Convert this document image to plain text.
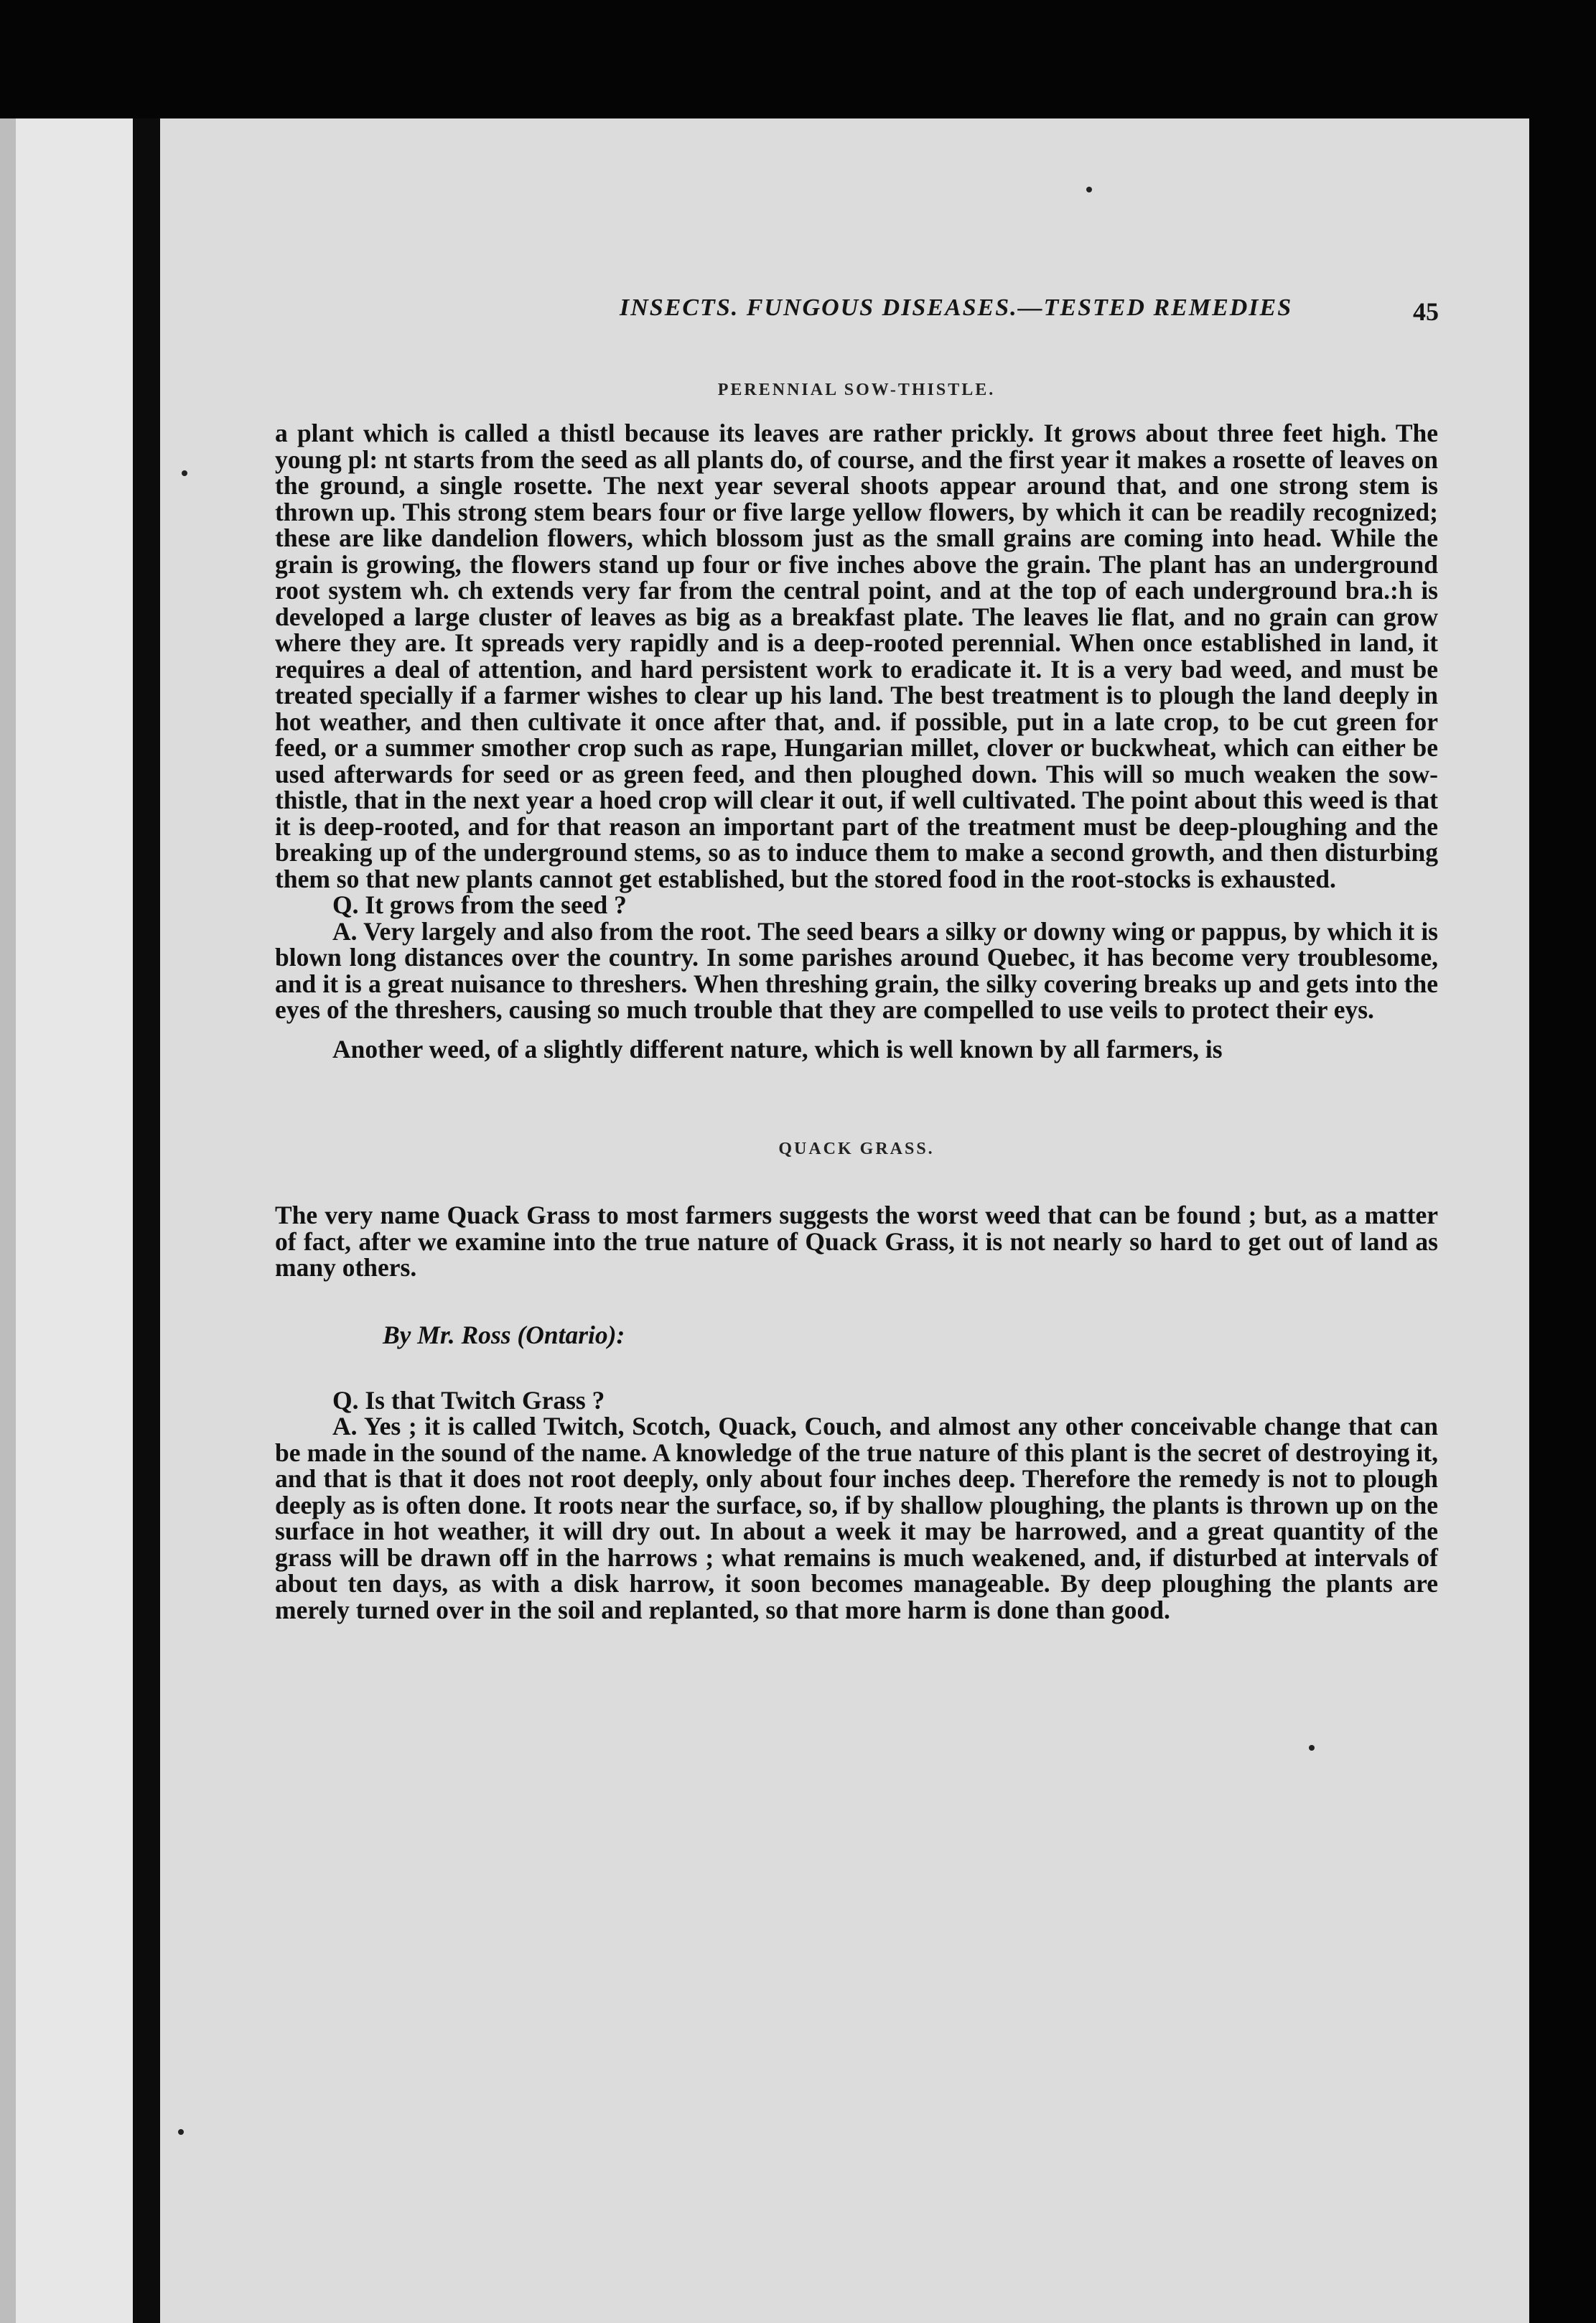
INSECTS. FUNGOUS DISEASES.—TESTED REMEDIES	45
PERENNIAL SOW-THISTLE.

a plant which is called a thistl because its leaves are rather prickly. It grows about three feet high. The young pl: nt starts from the seed as all plants do, of course, and the first year it makes a rosette of leaves on the ground, a single rosette. The next year several shoots appear around that, and one strong stem is thrown up. This strong stem bears four or five large yellow flowers, by which it can be readily recognized; these are like dandelion flowers, which blossom just as the small grains are coming into head. While the grain is growing, the flowers stand up four or five inches above the grain. The plant has an underground root system wh. ch extends very far from the central point, and at the top of each underground bra.:h is developed a large cluster of leaves as big as a breakfast plate. The leaves lie flat, and no grain can grow where they are. It spreads very rapidly and is a deep-rooted perennial. When once established in land, it requires a deal of attention, and hard persistent work to eradicate it. It is a very bad weed, and must be treated specially if a farmer wishes to clear up his land. The best treatment is to plough the land deeply in hot weather, and then cultivate it once after that, and. if possible, put in a late crop, to be cut green for feed, or a summer smother crop such as rape, Hungarian millet, clover or buckwheat, which can either be used afterwards for seed or as green feed, and then ploughed down. This will so much weaken the sow-thistle, that in the next year a hoed crop will clear it out, if well cultivated. The point about this weed is that it is deep-rooted, and for that reason an important part of the treatment must be deep-ploughing and the breaking up of the underground stems, so as to induce them to make a second growth, and then disturbing them so that new plants cannot get established, but the stored food in the root-stocks is exhausted.

Q. It grows from the seed ?

A. Very largely and also from the root. The seed bears a silky or downy wing or pappus, by which it is blown long distances over the country. In some parishes around Quebec, it has become very troublesome, and it is a great nuisance to threshers. When threshing grain, the silky covering breaks up and gets into the eyes of the threshers, causing so much trouble that they are compelled to use veils to protect their eys.

Another weed, of a slightly different nature, which is well known by all farmers, is

QUACK GRASS.

The very name Quack Grass to most farmers suggests the worst weed that can be found ; but, as a matter of fact, after we examine into the true nature of Quack Grass, it is not nearly so hard to get out of land as many others.

By Mr. Ross (Ontario):

Q. Is that Twitch Grass ?

A. Yes ; it is called Twitch, Scotch, Quack, Couch, and almost any other conceivable change that can be made in the sound of the name. A knowledge of the true nature of this plant is the secret of destroying it, and that is that it does not root deeply, only about four inches deep. Therefore the remedy is not to plough deeply as is often done. It roots near the surface, so, if by shallow ploughing, the plants is thrown up on the surface in hot weather, it will dry out. In about a week it may be harrowed, and a great quantity of the grass will be drawn off in the harrows ; what remains is much weakened, and, if disturbed at intervals of about ten days, as with a disk harrow, it soon becomes manageable. By deep ploughing the plants are merely turned over in the soil and replanted, so that more harm is done than good.
